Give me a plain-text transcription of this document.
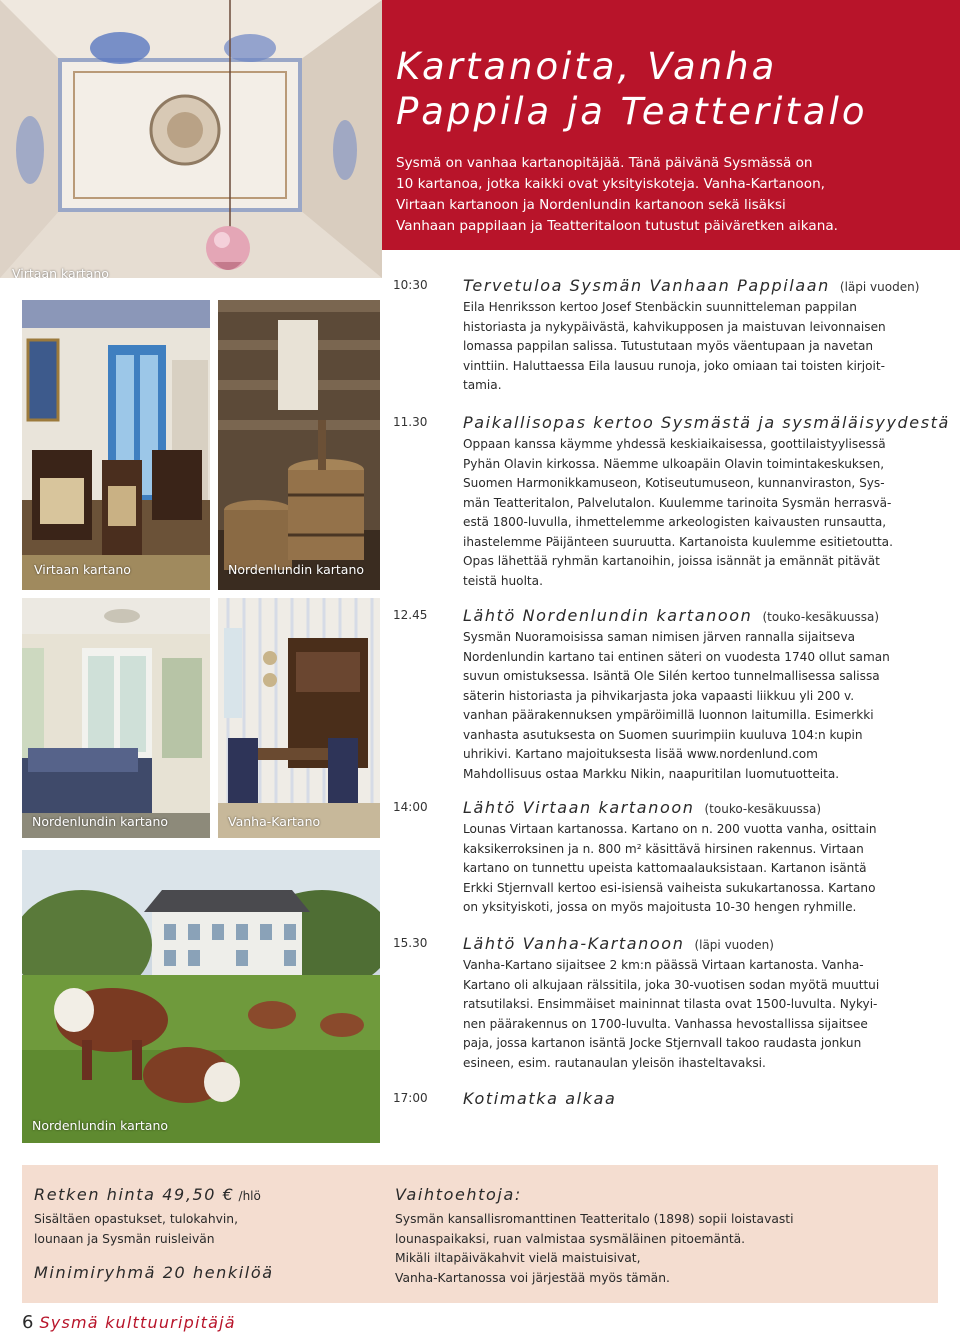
Virtaan kartano
Kartanoita, Vanha
Pappila ja Teatteritalo
Sysmä on vanhaa kartanopitäjää. Tänä päivänä Sysmässä on
10 kartanoa, jotka kaikki ovat yksityiskoteja. Vanha-Kartanoon,
Virtaan kartanoon ja Nordenlundin kartanoon sekä lisäksi
Vanhaan pappilaan ja Teatteritaloon tutustut päiväretken aikana.
Virtaan kartano	Nordenlundin kartano
Nordenlundin kartano	Vanha-Kartano
Nordenlundin kartano
10:30 Tervetuloa Sysmän Vanhaan Pappilaan (läpi vuoden)
Eila Henriksson kertoo Josef Stenbäckin suunnitteleman pappilan
historiasta ja nykypäivästä, kahvikupposen ja maistuvan leivonnaisen
lomassa pappilan salissa. Tutustutaan myös väentupaan ja navetan
vinttiin. Haluttaessa Eila lausuu runoja, joko omiaan tai toisten kirjoit-
tamia.
11.30 Paikallisopas kertoo Sysmästä ja sysmäläisyydestä
Oppaan kanssa käymme yhdessä keskiaikaisessa, goottilaistyylisessä
Pyhän Olavin kirkossa. Näemme ulkoapäin Olavin toimintakeskuksen,
Suomen Harmonikkamuseon, Kotiseutumuseon, kunnanviraston, Sys-
män Teatteritalon, Palvelutalon. Kuulemme tarinoita Sysmän herrasvä-
estä 1800-luvulla, ihmettelemme arkeologisten kaivausten runsautta,
ihastelemme Päijänteen suuruutta. Kartanoista kuulemme esitietoutta.
Opas lähettää ryhmän kartanoihin, joissa isännät ja emännät pitävät
teistä huolta.
12.45 Lähtö Nordenlundin kartanoon (touko-kesäkuussa)
Sysmän Nuoramoisissa saman nimisen järven rannalla sijaitseva
Nordenlundin kartano tai entinen säteri on vuodesta 1740 ollut saman
suvun omistuksessa. Isäntä Ole Silén kertoo tunnelmallisessa salissa
säterin historiasta ja pihvikarjasta joka vapaasti liikkuu yli 200 v.
vanhan päärakennuksen ympäröimillä luonnon laitumilla. Esimerkki
vanhasta asutuksesta on Suomen suurimpiin kuuluva 104:n kupin
uhrikivi. Kartano majoituksesta lisää www.nordenlund.com
Mahdollisuus ostaa Markku Nikin, naapuritilan luomutuotteita.
14:00 Lähtö Virtaan kartanoon (touko-kesäkuussa)
Lounas Virtaan kartanossa. Kartano on n. 200 vuotta vanha, osittain
kaksikerroksinen ja n. 800 m² käsittävä hirsinen rakennus. Virtaan
kartano on tunnettu upeista kattomaalauksistaan. Kartanon isäntä
Erkki Stjernvall kertoo esi-isiensä vaiheista sukukartanossa. Kartano
on yksityiskoti, jossa on myös majoitusta 10-30 hengen ryhmille.
15.30 Lähtö Vanha-Kartanoon (läpi vuoden)
Vanha-Kartano sijaitsee 2 km:n päässä Virtaan kartanosta. Vanha-
Kartano oli alkujaan rälssitila, joka 30-vuotisen sodan myötä muuttui
ratsutilaksi. Ensimmäiset maininnat tilasta ovat 1500-luvulta. Nykyi-
nen päärakennus on 1700-luvulta. Vanhassa hevostallissa sijaitsee
paja, jossa kartanon isäntä Jocke Stjernvall takoo raudasta jonkun
esineen, esim. rautanaulan yleisön ihasteltavaksi.
17:00 Kotimatka alkaa
Retken hinta 49,50 € /hlö
Sisältäen opastukset, tulokahvin,
lounaan ja Sysmän ruisleivän
Minimiryhmä 20 henkilöä
Vaihtoehtoja:
Sysmän kansallisromanttinen Teatteritalo (1898) sopii loistavasti
lounaspaikaksi, ruan valmistaa sysmäläinen pitoemäntä.
Mikäli iltapäiväkahvit vielä maistuisivat,
Vanha-Kartanossa voi järjestää myös tämän.
6 Sysmä kulttuuripitäjä
